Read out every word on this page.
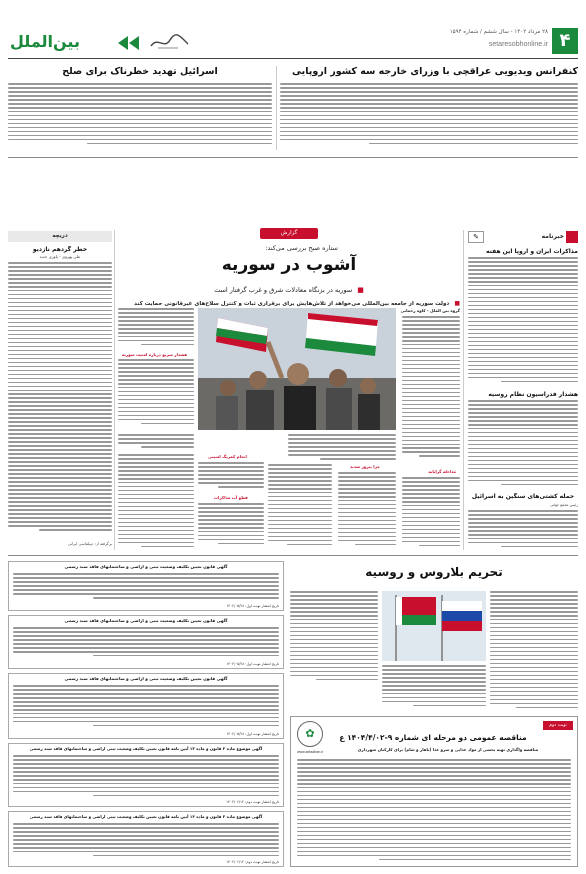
۴
۲۸ مرداد ۱۴۰۲ - سال ششم / شماره ۱۵۹۴
setaresobhonline.ir
بین‌الملل
کنفرانس ویدیویی عراقچی با وزرای خارجه سه کشور اروپایی
اسرائیل تهدید خطرناک برای صلح
خبرنامه
✎
مذاکرات ایران و اروپا این هفته
هشدار فدراسیون نظام روسیه
حمله کشتی‌های سنگین به اسرائیل
رئیس مجمع جهانی
گزارش
ستاره صبح بررسی می‌کند:
آشوب در سوریه
■ سوریه در بزنگاه معادلات شرق و غرب گرفتار است
■ دولت سوریه از جامعه بین‌المللی می‌خواهد از تلاش‌هایش برای برقراری ثبات و کنترل سلاح‌های غیرقانونی حمایت کند
گروه بین الملل - کاوه رحمانی
مداخله گرایانه
چرا پیروز شدند
هشدار سریع درباره امنیت سوریه
انجام کمرنگ امنیتی
قطع آب مذاکرات
دریچه
خطر گردهم نازدیو
علی پهروی - یاوری جدید
برگرفته از: دیپلماسی ایرانی
تحریم بلاروس و روسیه
آگهی قانون تعیین تکلیف وضعیت ثبتی و اراضی و ساختمانهای فاقد سند رسمی
تاریخ انتشار نوبت اول: ۱۴۰۲/۰۵/۲۸
آگهی قانون تعیین تکلیف وضعیت ثبتی و اراضی و ساختمانهای فاقد سند رسمی
تاریخ انتشار نوبت اول: ۱۴۰۲/۰۵/۲۸
آگهی قانون تعیین تکلیف وضعیت ثبتی و اراضی و ساختمانهای فاقد سند رسمی
تاریخ انتشار نوبت اول: ۱۴۰۲/۰۵/۲۸
آگهی موضوع ماده ۳ قانون و ماده ۱۳ آیین نامه قانون تعیین تکلیف وضعیت ثبتی اراضی و ساختمانهای فاقد سند رسمی
تاریخ انتشار نوبت دوم: ۱۴۰۲/۰۶/۱۲
آگهی موضوع ماده ۳ قانون و ماده ۱۳ آیین نامه قانون تعیین تکلیف وضعیت ثبتی اراضی و ساختمانهای فاقد سند رسمی
تاریخ انتشار نوبت دوم: ۱۴۰۲/۰۶/۱۲
نوبت دوم
✿	مناقصه عمومی دو مرحله ای شماره ۹-۱۴۰۴/۴/۰۲ ع
مناقصه واگذاری تهیه بخشی از مواد غذایی و سرو غذا (ناهار و شام) برای کارکنان شهرداری
www.setadiran.ir
